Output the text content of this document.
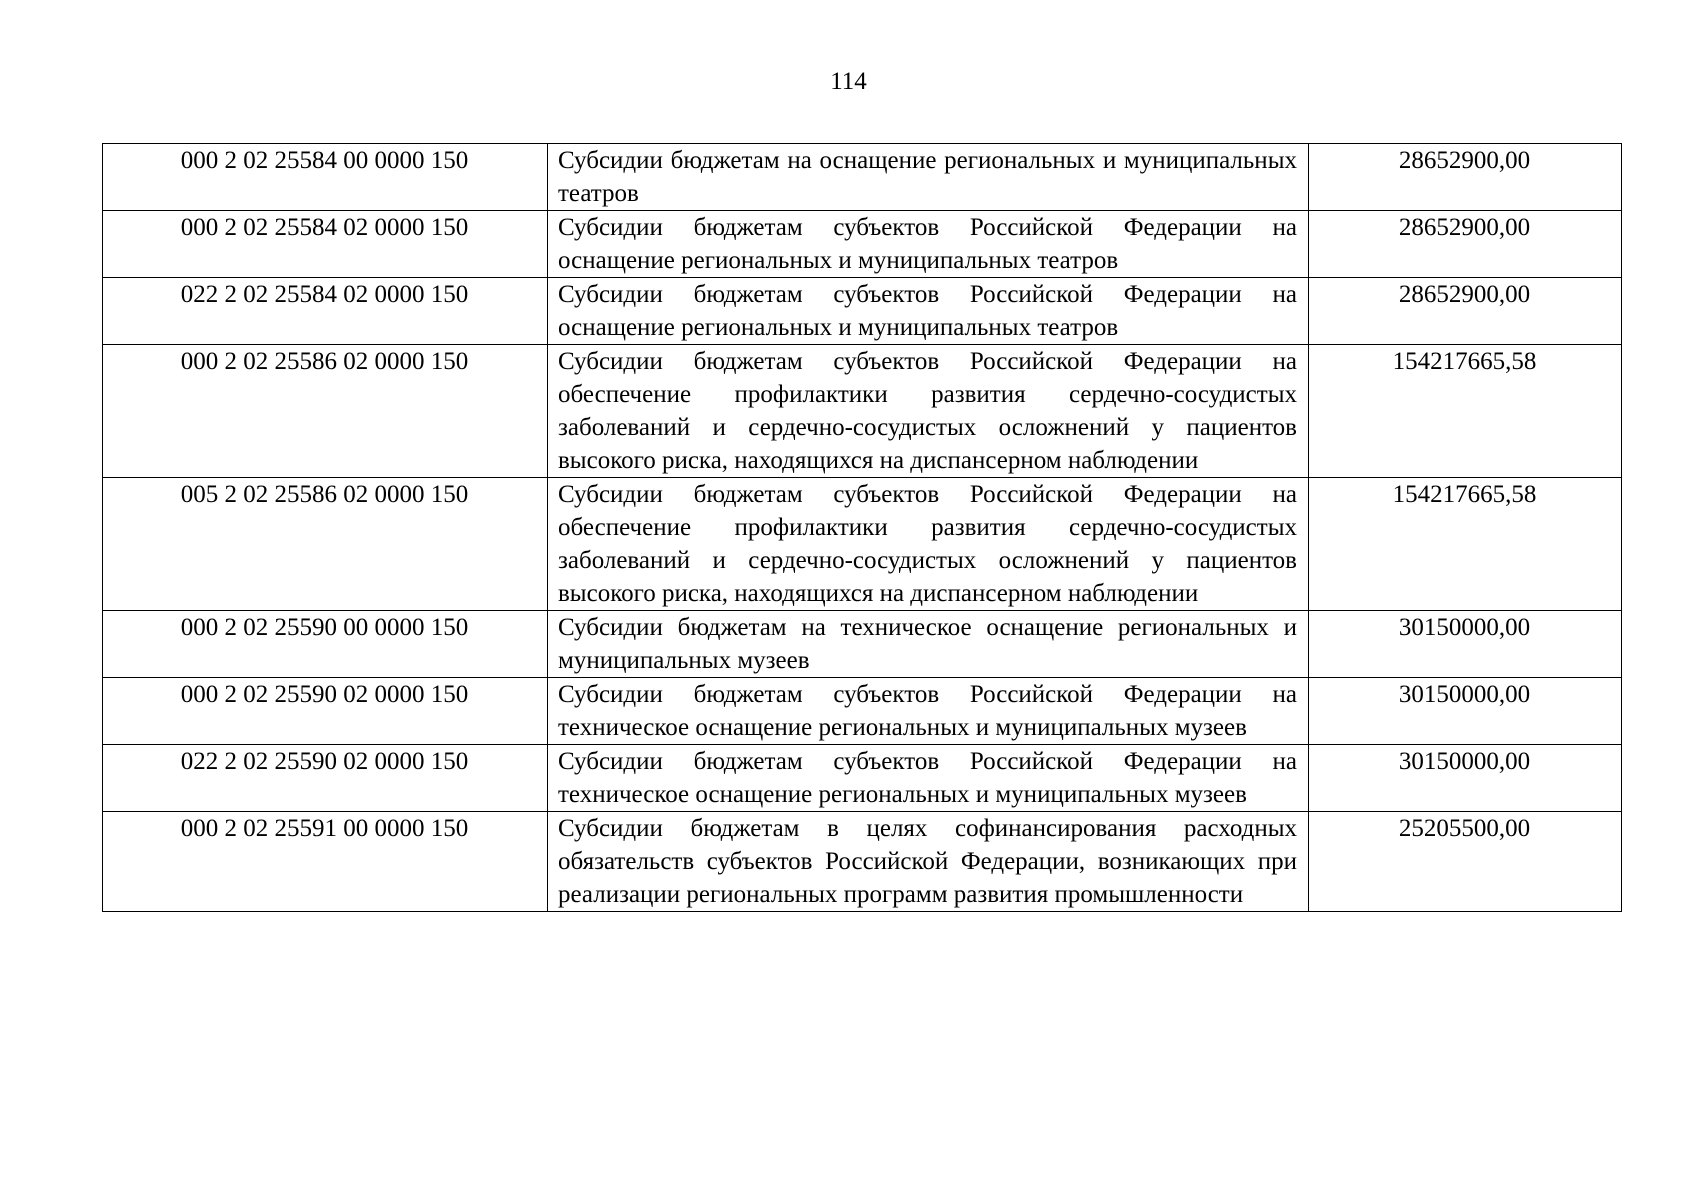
114
000 2 02 25584 00 0000 150	Субсидии бюджетам на оснащение региональных и муниципальных театров	28652900,00
000 2 02 25584 02 0000 150	Субсидии бюджетам субъектов Российской Федерации на оснащение региональных и муниципальных театров	28652900,00
022 2 02 25584 02 0000 150	Субсидии бюджетам субъектов Российской Федерации на оснащение региональных и муниципальных театров	28652900,00
000 2 02 25586 02 0000 150	Субсидии бюджетам субъектов Российской Федерации на обеспечение профилактики развития сердечно-сосудистых заболеваний и сердечно-сосудистых осложнений у пациентов высокого риска, находящихся на диспансерном наблюдении	154217665,58
005 2 02 25586 02 0000 150	Субсидии бюджетам субъектов Российской Федерации на обеспечение профилактики развития сердечно-сосудистых заболеваний и сердечно-сосудистых осложнений у пациентов высокого риска, находящихся на диспансерном наблюдении	154217665,58
000 2 02 25590 00 0000 150	Субсидии бюджетам на техническое оснащение региональных и муниципальных музеев	30150000,00
000 2 02 25590 02 0000 150	Субсидии бюджетам субъектов Российской Федерации на техническое оснащение региональных и муниципальных музеев	30150000,00
022 2 02 25590 02 0000 150	Субсидии бюджетам субъектов Российской Федерации на техническое оснащение региональных и муниципальных музеев	30150000,00
000 2 02 25591 00 0000 150	Субсидии бюджетам в целях софинансирования расходных обязательств субъектов Российской Федерации, возникающих при реализации региональных программ развития промышленности	25205500,00
